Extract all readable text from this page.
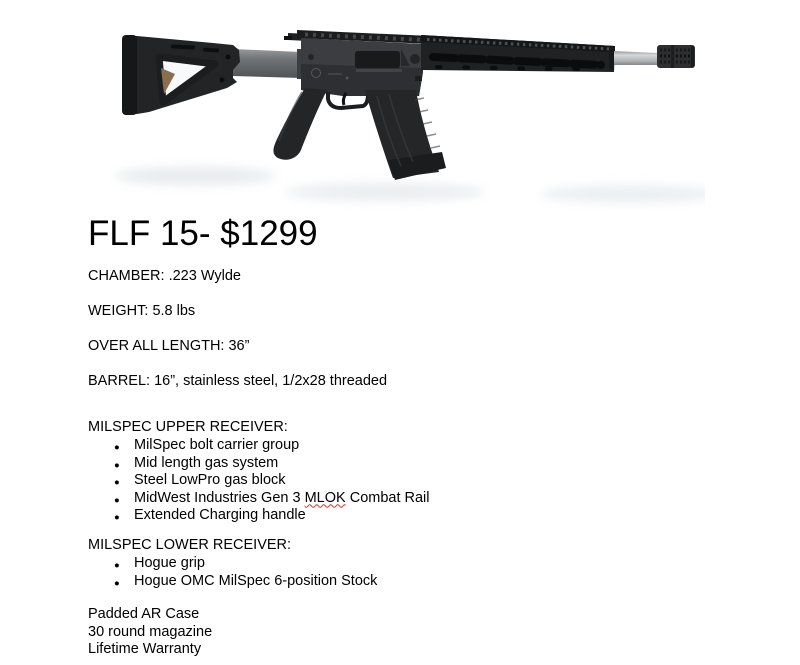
FLF 15- $1299
CHAMBER: .223 Wylde
WEIGHT: 5.8 lbs
OVER ALL LENGTH: 36”
BARREL: 16”, stainless steel, 1/2x28 threaded
MILSPEC UPPER RECEIVER:
● MilSpec bolt carrier group
● Mid length gas system
● Steel LowPro gas block
● MidWest Industries Gen 3 MLOK Combat Rail
● Extended Charging handle
MILSPEC LOWER RECEIVER:
● Hogue grip
● Hogue OMC MilSpec 6-position Stock
Padded AR Case
30 round magazine
Lifetime Warranty
